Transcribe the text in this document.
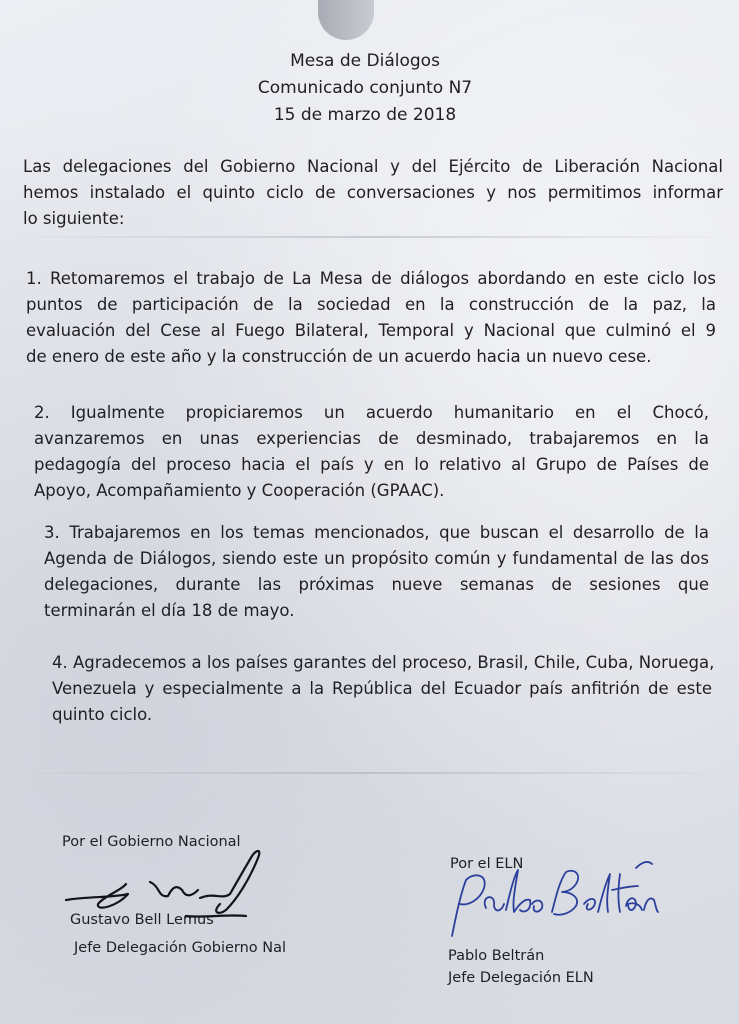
Mesa de Diálogos
Comunicado conjunto N7
15 de marzo de 2018
Las delegaciones del Gobierno Nacional y del Ejército de Liberación Nacional
hemos instalado el quinto ciclo de conversaciones y nos permitimos informar
lo siguiente:
1. Retomaremos el trabajo de La Mesa de diálogos abordando en este ciclo los
puntos de participación de la sociedad en la construcción de la paz, la
evaluación del Cese al Fuego Bilateral, Temporal y Nacional que culminó el 9
de enero de este año y la construcción de un acuerdo hacia un nuevo cese.
2. Igualmente propiciaremos un acuerdo humanitario en el Chocó,
avanzaremos en unas experiencias de desminado, trabajaremos en la
pedagogía del proceso hacia el país y en lo relativo al Grupo de Países de
Apoyo, Acompañamiento y Cooperación (GPAAC).
3. Trabajaremos en los temas mencionados, que buscan el desarrollo de la
Agenda de Diálogos, siendo este un propósito común y fundamental de las dos
delegaciones, durante las próximas nueve semanas de sesiones que
terminarán el día 18 de mayo.
4. Agradecemos a los países garantes del proceso, Brasil, Chile, Cuba, Noruega,
Venezuela y especialmente a la República del Ecuador país anfitrión de este
quinto ciclo.
Por el Gobierno Nacional
Gustavo Bell Lemus
Jefe Delegación Gobierno Nal
Por el ELN
Pablo Beltrán
Jefe Delegación ELN
